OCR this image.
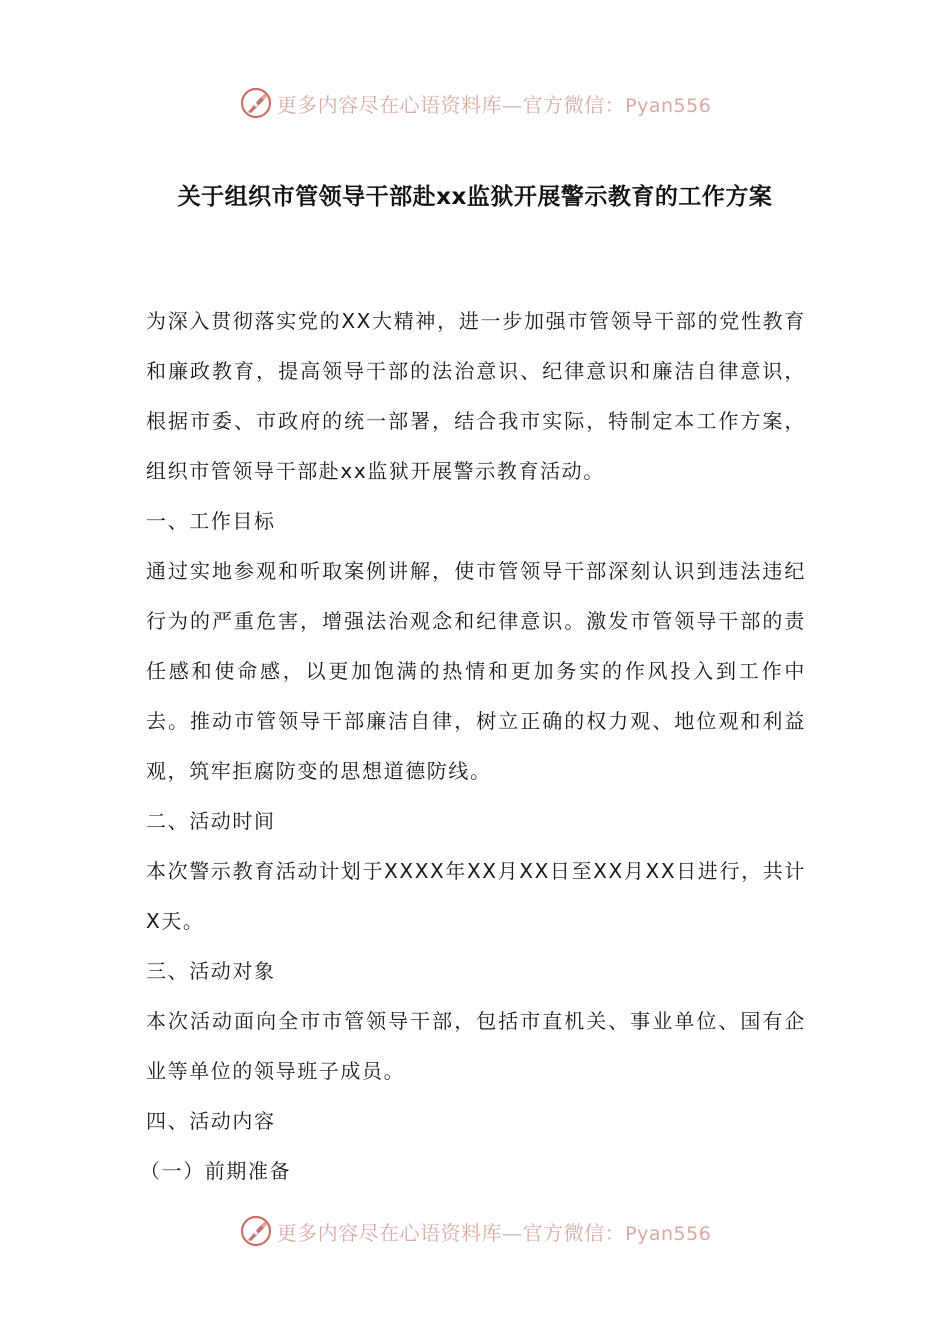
更多内容尽在心语资料库—官方微信：Pyan556
关于组织市管领导干部赴xx监狱开展警示教育的工作方案

为深入贯彻落实党的XX大精神，进一步加强市管领导干部的党性教育和廉政教育，提高领导干部的法治意识、纪律意识和廉洁自律意识，根据市委、市政府的统一部署，结合我市实际，特制定本工作方案，组织市管领导干部赴xx监狱开展警示教育活动。

一、工作目标

通过实地参观和听取案例讲解，使市管领导干部深刻认识到违法违纪行为的严重危害，增强法治观念和纪律意识。激发市管领导干部的责任感和使命感，以更加饱满的热情和更加务实的作风投入到工作中去。推动市管领导干部廉洁自律，树立正确的权力观、地位观和利益观，筑牢拒腐防变的思想道德防线。

二、活动时间

本次警示教育活动计划于XXXX年XX月XX日至XX月XX日进行，共计X天。

三、活动对象

本次活动面向全市市管领导干部，包括市直机关、事业单位、国有企业等单位的领导班子成员。

四、活动内容

（一）前期准备

更多内容尽在心语资料库—官方微信：Pyan556
